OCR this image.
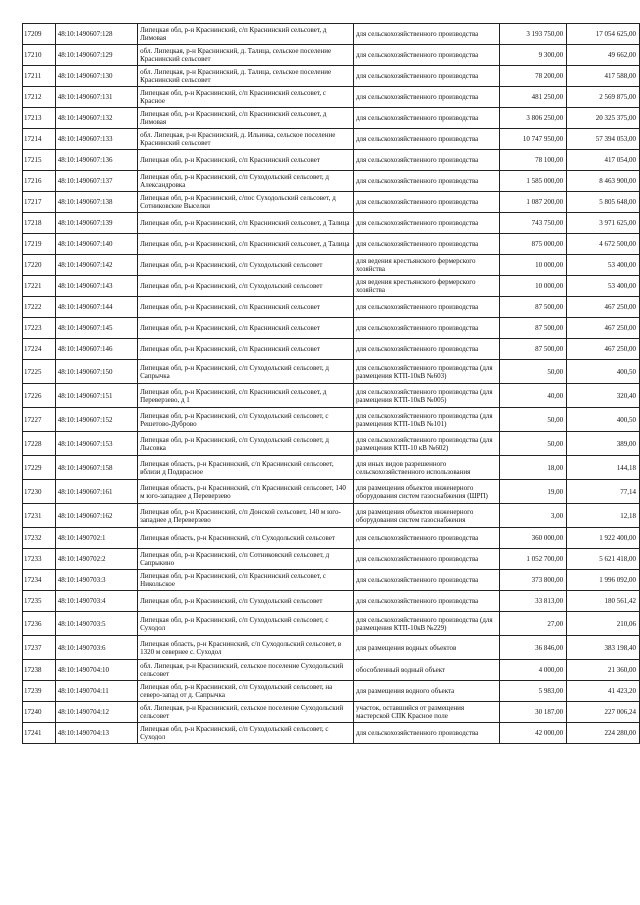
17209	48:10:1490607:128	Липецкая обл, р-н Краснинский, с/п Краснинский сельсовет, д Лимовая	для сельскохозяйственного производства	3 193 750,00	17 054 625,00
17210	48:10:1490607:129	обл. Липецкая, р-н Краснинский, д. Талица, сельское поселение Краснинский сельсовет	для сельскохозяйственного производства	9 300,00	49 662,00
17211	48:10:1490607:130	обл. Липецкая, р-н Краснинский, д. Талица, сельское поселение Краснинский сельсовет	для сельскохозяйственного производства	78 200,00	417 588,00
17212	48:10:1490607:131	Липецкая обл, р-н Краснинский, с/п Краснинский сельсовет, с Красное	для сельскохозяйственного производства	481 250,00	2 569 875,00
17213	48:10:1490607:132	Липецкая обл, р-н Краснинский, с/п Краснинский сельсовет, д Лимовая	для сельскохозяйственного производства	3 806 250,00	20 325 375,00
17214	48:10:1490607:133	обл. Липецкая, р-н Краснинский, д. Ильинка, сельское поселение Краснинский сельсовет	для сельскохозяйственного производства	10 747 950,00	57 394 053,00
17215	48:10:1490607:136	Липецкая обл, р-н Краснинский, с/п Краснинский сельсовет	для сельскохозяйственного производства	78 100,00	417 054,00
17216	48:10:1490607:137	Липецкая обл, р-н Краснинский, с/п Суходольский сельсовет, д Александровка	для сельскохозяйственного производства	1 585 000,00	8 463 900,00
17217	48:10:1490607:138	Липецкая обл, р-н Краснинский, с/пос Суходольский сельсовет, д Сотниковские Выселки	для сельскохозяйственного производства	1 087 200,00	5 805 648,00
17218	48:10:1490607:139	Липецкая обл, р-н Краснинский, с/п Краснинский сельсовет, д Талица	для сельскохозяйственного производства	743 750,00	3 971 625,00
17219	48:10:1490607:140	Липецкая обл, р-н Краснинский, с/п Краснинский сельсовет, д Талица	для сельскохозяйственного производства	875 000,00	4 672 500,00
17220	48:10:1490607:142	Липецкая обл, р-н Краснинский, с/п Суходольский сельсовет	для ведения крестьянского фермерского хозяйства	10 000,00	53 400,00
17221	48:10:1490607:143	Липецкая обл, р-н Краснинский, с/п Суходольский сельсовет	для ведения крестьянского фермерского хозяйства	10 000,00	53 400,00
17222	48:10:1490607:144	Липецкая обл, р-н Краснинский, с/п Краснинский сельсовет	для сельскохозяйственного производства	87 500,00	467 250,00
17223	48:10:1490607:145	Липецкая обл, р-н Краснинский, с/п Краснинский сельсовет	для сельскохозяйственного производства	87 500,00	467 250,00
17224	48:10:1490607:146	Липецкая обл, р-н Краснинский, с/п Краснинский сельсовет	для сельскохозяйственного производства	87 500,00	467 250,00
17225	48:10:1490607:150	Липецкая обл, р-н Краснинский, с/п Суходольский сельсовет, д Сапрычка	для сельскохозяйственного производства (для размещения КТП-10кВ №603)	50,00	400,50
17226	48:10:1490607:151	Липецкая обл, р-н Краснинский, с/п Краснинский сельсовет, д Переверзево, д 1	для сельскохозяйственного производства (для размещения КТП-10кВ №005)	40,00	320,40
17227	48:10:1490607:152	Липецкая обл, р-н Краснинский, с/п Суходольский сельсовет, с Решетово-Дуброво	для сельскохозяйственного производства (для размещения КТП-10кВ №101)	50,00	400,50
17228	48:10:1490607:153	Липецкая обл, р-н Краснинский, с/п Суходольский сельсовет, д Лысовка	для сельскохозяйственного производства (для размещения КТП-10 кВ №602)	50,00	389,00
17229	48:10:1490607:158	Липецкая область, р-н Краснинский, с/п Краснинский сельсовет, вблизи д Подврасное	для иных видов разрешенного сельскохозяйственного использования	18,00	144,18
17230	48:10:1490607:161	Липецкая область, р-н Краснинский, с/п Краснинский сельсовет, 140 м юго-западнее д Переверзево	для размещения объектов инженерного оборудования систем газоснабжения (ШРП)	19,00	77,14
17231	48:10:1490607:162	Липецкая обл, р-н Краснинский, с/п Донской сельсовет, 140 м юго-западнее д Переверзево	для размещения объектов инженерного оборудования систем газоснабжения	3,00	12,18
17232	48:10:1490702:1	Липецкая область, р-н Краснинский, с/п Суходольский сельсовет	для сельскохозяйственного производства	360 000,00	1 922 400,00
17233	48:10:1490702:2	Липецкая обл, р-н Краснинский, с/п Сотниковский сельсовет, д Сапрыкино	для сельскохозяйственного производства	1 052 700,00	5 621 418,00
17234	48:10:1490703:3	Липецкая обл, р-н Краснинский, с/п Краснинский сельсовет, с Никольское	для сельскохозяйственного производства	373 800,00	1 996 092,00
17235	48:10:1490703:4	Липецкая обл, р-н Краснинский, с/п Суходольский сельсовет	для сельскохозяйственного производства	33 813,00	180 561,42
17236	48:10:1490703:5	Липецкая обл, р-н Краснинский, с/п Суходольский сельсовет, с Суходол	для сельскохозяйственного производства (для размещения КТП-10кВ №229)	27,00	210,06
17237	48:10:1490703:6	Липецкая область, р-н Краснинский, с/п Суходольский сельсовет, в 1320 м севернее с. Суходол	для размещения водных объектов	36 846,00	383 198,40
17238	48:10:1490704:10	обл. Липецкая, р-н Краснинский, сельское поселение Суходольский сельсовет	обособленный водный объект	4 000,00	21 360,00
17239	48:10:1490704:11	Липецкая обл, р-н Краснинский, с/п Суходольский сельсовет, на северо-запад от д. Сапрычка	для размещения водного объекта	5 983,00	41 423,20
17240	48:10:1490704:12	обл. Липецкая, р-н Краснинский, сельское поселение Суходольский сельсовет	участок, оставшийся от размещения мастерской СПК Красное поле	30 187,00	227 006,24
17241	48:10:1490704:13	Липецкая обл, р-н Краснинский, с/п Суходольский сельсовет, с Суходол	для сельскохозяйственного производства	42 000,00	224 280,00
